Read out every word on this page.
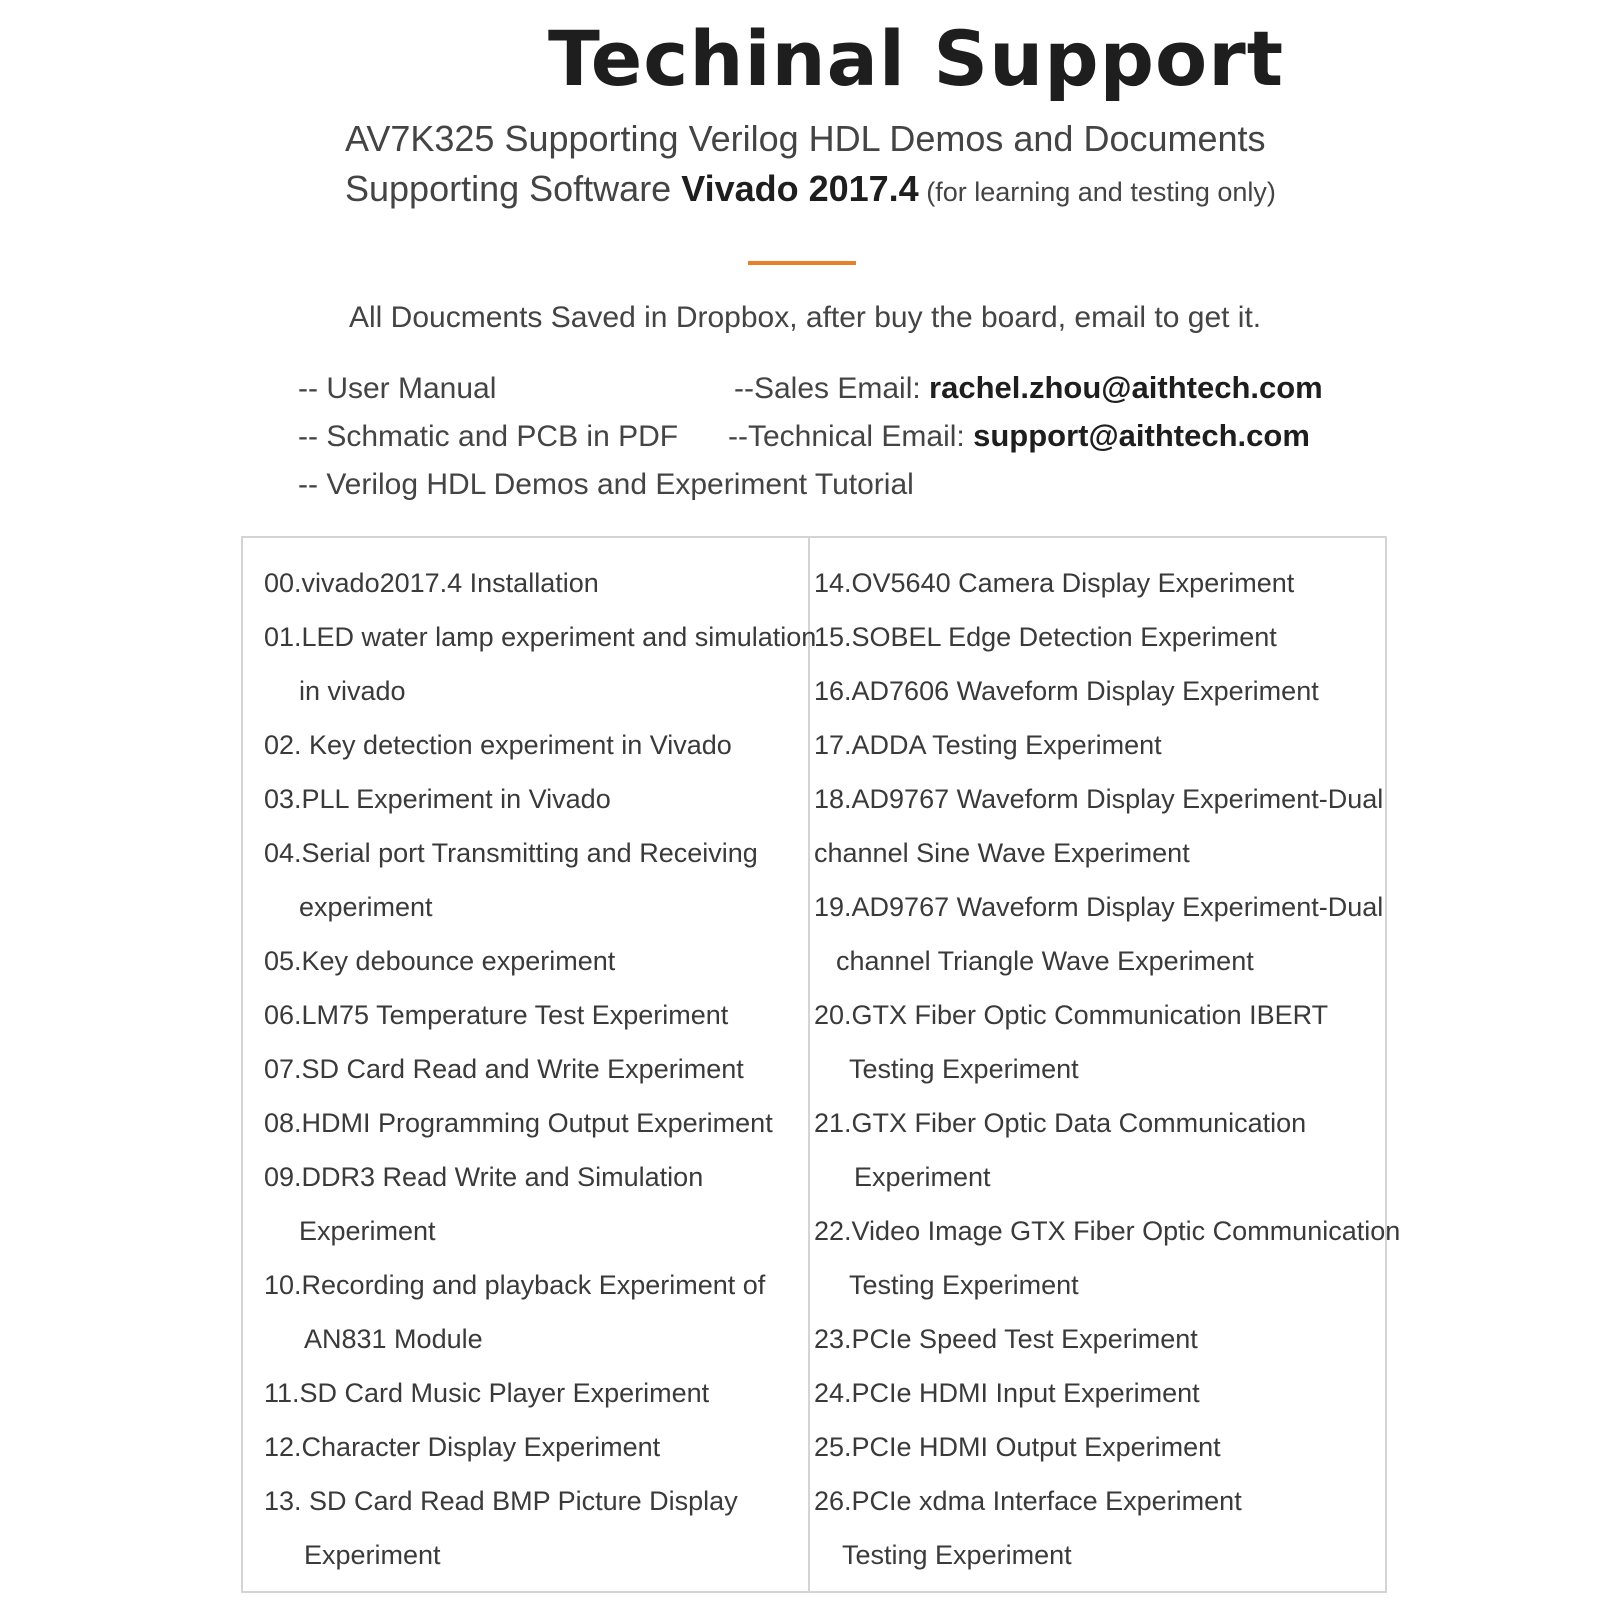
Techinal Support
AV7K325 Supporting Verilog HDL Demos and Documents
Supporting Software Vivado 2017.4 (for learning and testing only)
All Doucments Saved in Dropbox, after buy the board, email to get it.
-- User Manual
-- Schmatic and PCB in PDF
-- Verilog HDL Demos and Experiment Tutorial
--Sales Email: rachel.zhou@aithtech.com
--Technical Email: support@aithtech.com
00.vivado2017.4 Installation
01.LED water lamp experiment and simulation
in vivado
02. Key detection experiment in Vivado
03.PLL Experiment in Vivado
04.Serial port Transmitting and Receiving
experiment
05.Key debounce experiment
06.LM75 Temperature Test Experiment
07.SD Card Read and Write Experiment
08.HDMI Programming Output Experiment
09.DDR3 Read Write and Simulation
Experiment
10.Recording and playback Experiment of
AN831 Module
11.SD Card Music Player Experiment
12.Character Display Experiment
13. SD Card Read BMP Picture Display
Experiment
14.OV5640 Camera Display Experiment
15.SOBEL Edge Detection Experiment
16.AD7606 Waveform Display Experiment
17.ADDA Testing Experiment
18.AD9767 Waveform Display Experiment-Dual
channel Sine Wave Experiment
19.AD9767 Waveform Display Experiment-Dual
channel Triangle Wave Experiment
20.GTX Fiber Optic Communication IBERT
Testing Experiment
21.GTX Fiber Optic Data Communication
Experiment
22.Video Image GTX Fiber Optic Communication
Testing Experiment
23.PCIe Speed Test Experiment
24.PCIe HDMI Input Experiment
25.PCIe HDMI Output Experiment
26.PCIe xdma Interface Experiment
Testing Experiment
